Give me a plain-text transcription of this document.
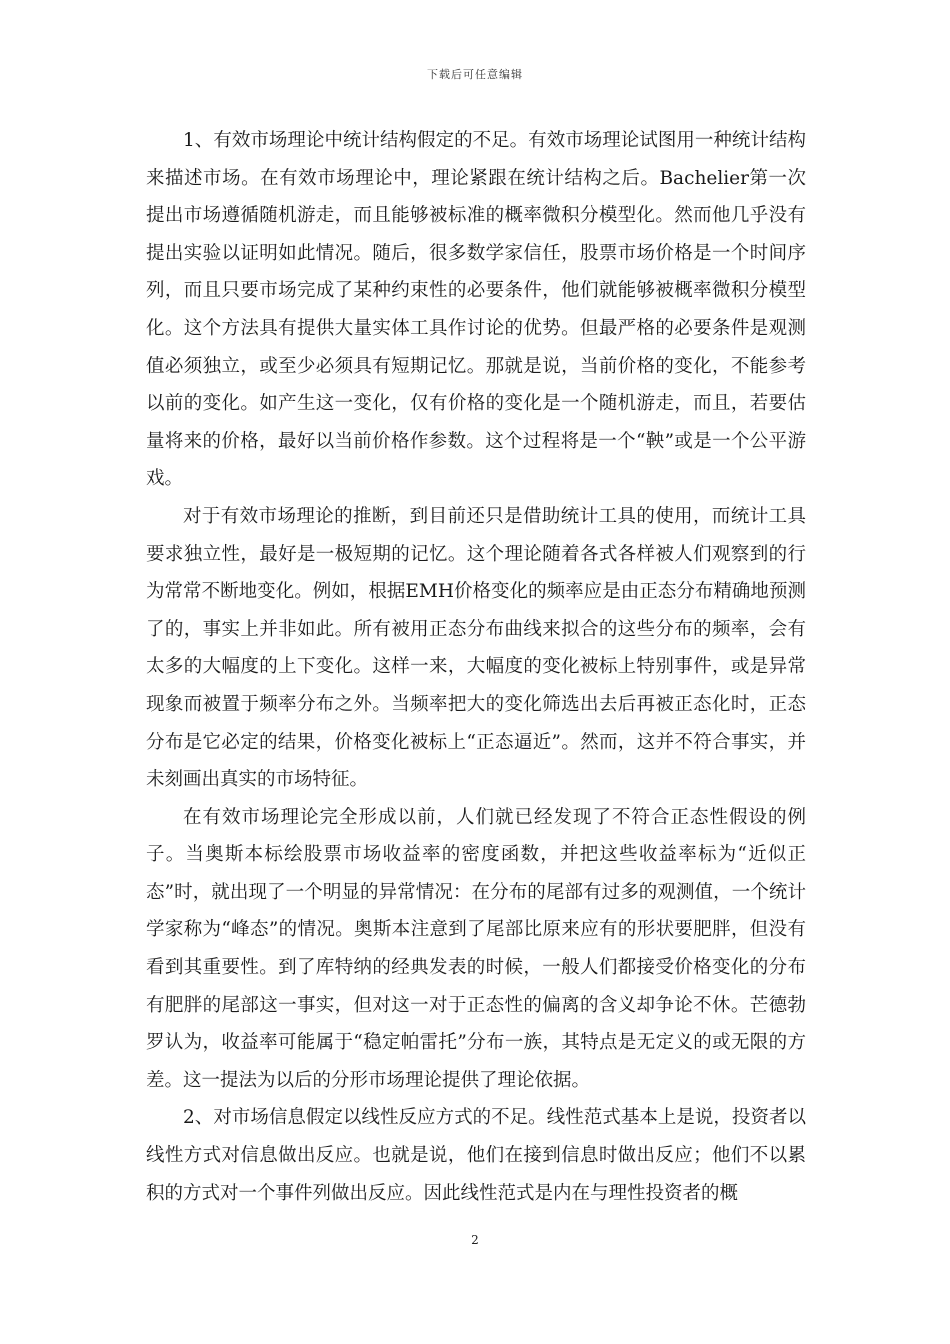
下载后可任意编辑

1、有效市场理论中统计结构假定的不足。有效市场理论试图用一种统计结构来描述市场。在有效市场理论中，理论紧跟在统计结构之后。Bachelier第一次提出市场遵循随机游走，而且能够被标准的概率微积分模型化。然而他几乎没有提出实验以证明如此情况。随后，很多数学家信任，股票市场价格是一个时间序列，而且只要市场完成了某种约束性的必要条件，他们就能够被概率微积分模型化。这个方法具有提供大量实体工具作讨论的优势。但最严格的必要条件是观测值必须独立，或至少必须具有短期记忆。那就是说，当前价格的变化，不能参考以前的变化。如产生这一变化，仅有价格的变化是一个随机游走，而且，若要估量将来的价格，最好以当前价格作参数。这个过程将是一个“鞅”或是一个公平游戏。

对于有效市场理论的推断，到目前还只是借助统计工具的使用，而统计工具要求独立性，最好是一极短期的记忆。这个理论随着各式各样被人们观察到的行为常常不断地变化。例如，根据EMH价格变化的频率应是由正态分布精确地预测了的，事实上并非如此。所有被用正态分布曲线来拟合的这些分布的频率，会有太多的大幅度的上下变化。这样一来，大幅度的变化被标上特别事件，或是异常现象而被置于频率分布之外。当频率把大的变化筛选出去后再被正态化时，正态分布是它必定的结果，价格变化被标上“正态逼近”。然而，这并不符合事实，并未刻画出真实的市场特征。

在有效市场理论完全形成以前，人们就已经发现了不符合正态性假设的例子。当奥斯本标绘股票市场收益率的密度函数，并把这些收益率标为“近似正态”时，就出现了一个明显的异常情况：在分布的尾部有过多的观测值，一个统计学家称为“峰态”的情况。奥斯本注意到了尾部比原来应有的形状要肥胖，但没有看到其重要性。到了库特纳的经典发表的时候，一般人们都接受价格变化的分布有肥胖的尾部这一事实，但对这一对于正态性的偏离的含义却争论不休。芒德勃罗认为，收益率可能属于“稳定帕雷托”分布一族，其特点是无定义的或无限的方差。这一提法为以后的分形市场理论提供了理论依据。

2、对市场信息假定以线性反应方式的不足。线性范式基本上是说，投资者以线性方式对信息做出反应。也就是说，他们在接到信息时做出反应；他们不以累积的方式对一个事件列做出反应。因此线性范式是内在与理性投资者的概

2
